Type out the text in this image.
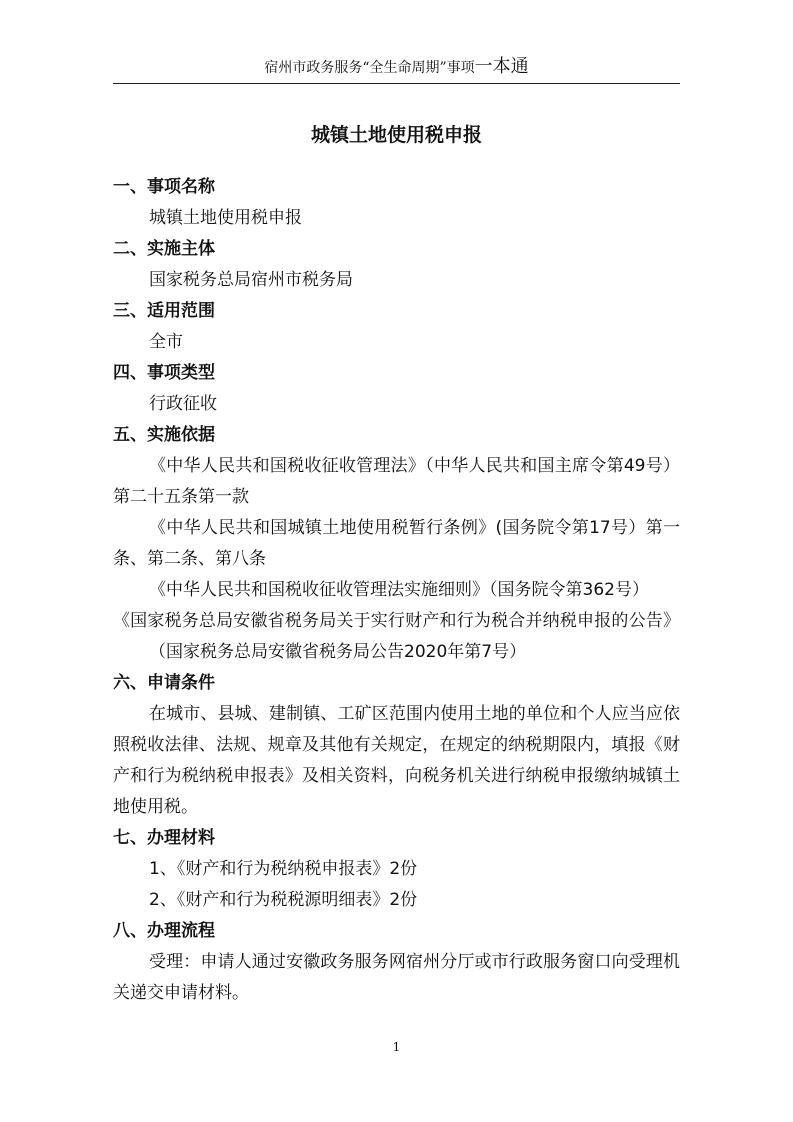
宿州市政务服务“全生命周期”事项一本通
城镇土地使用税申报
一、事项名称
城镇土地使用税申报
二、实施主体
国家税务总局宿州市税务局
三、适用范围
全市
四、事项类型
行政征收
五、实施依据
《中华人民共和国税收征收管理法》（中华人民共和国主席令第49号）第二十五条第一款
《中华人民共和国城镇土地使用税暂行条例》(国务院令第17号）第一条、第二条、第八条
《中华人民共和国税收征收管理法实施细则》（国务院令第362号）
《国家税务总局安徽省税务局关于实行财产和行为税合并纳税申报的公告》（国家税务总局安徽省税务局公告2020年第7号）
六、申请条件
在城市、县城、建制镇、工矿区范围内使用土地的单位和个人应当应依照税收法律、法规、规章及其他有关规定，在规定的纳税期限内，填报《财产和行为税纳税申报表》及相关资料，向税务机关进行纳税申报缴纳城镇土地使用税。
七、办理材料
1、《财产和行为税纳税申报表》2份
2、《财产和行为税税源明细表》2份
八、办理流程
受理：申请人通过安徽政务服务网宿州分厅或市行政服务窗口向受理机关递交申请材料。
1
